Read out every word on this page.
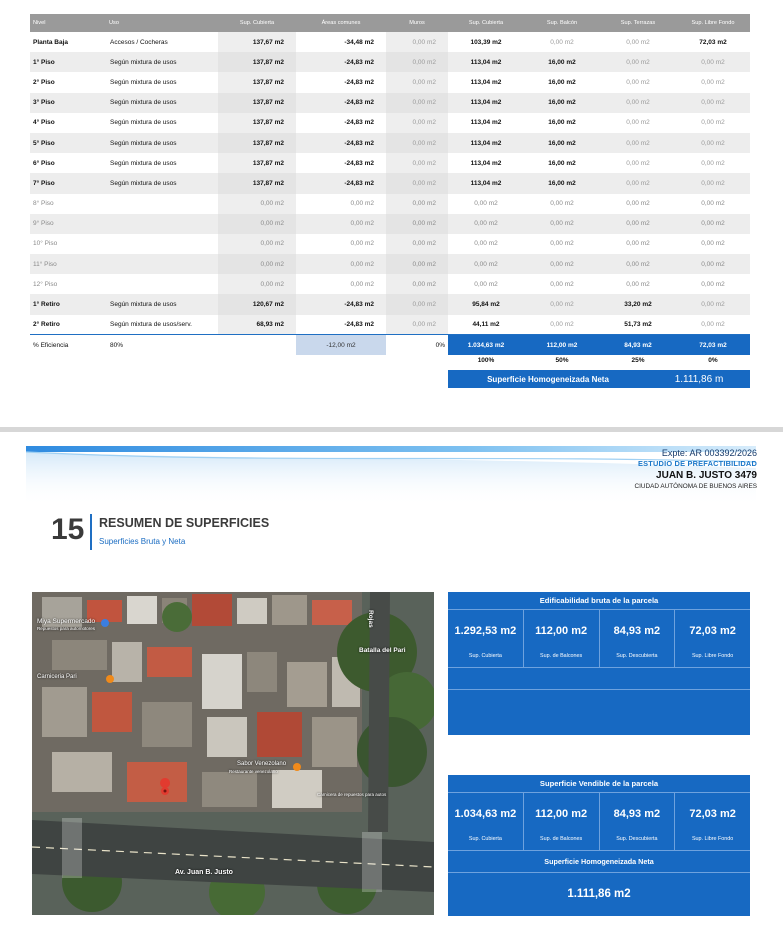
Nivel	Uso	Sup. Cubierta	Áreas comunes	Muros	Sup. Cubierta	Sup. Balcón	Sup. Terrazas	Sup. Libre Fondo
Planta Baja	Accesos / Cocheras	137,67 m2	-34,48 m2	0,00 m2	103,39 m2	0,00 m2	0,00 m2	72,03 m2
1° Piso	Según mixtura de usos	137,87 m2	-24,83 m2	0,00 m2	113,04 m2	16,00 m2	0,00 m2	0,00 m2
2° Piso	Según mixtura de usos	137,87 m2	-24,83 m2	0,00 m2	113,04 m2	16,00 m2	0,00 m2	0,00 m2
3° Piso	Según mixtura de usos	137,87 m2	-24,83 m2	0,00 m2	113,04 m2	16,00 m2	0,00 m2	0,00 m2
4° Piso	Según mixtura de usos	137,87 m2	-24,83 m2	0,00 m2	113,04 m2	16,00 m2	0,00 m2	0,00 m2
5° Piso	Según mixtura de usos	137,87 m2	-24,83 m2	0,00 m2	113,04 m2	16,00 m2	0,00 m2	0,00 m2
6° Piso	Según mixtura de usos	137,87 m2	-24,83 m2	0,00 m2	113,04 m2	16,00 m2	0,00 m2	0,00 m2
7° Piso	Según mixtura de usos	137,87 m2	-24,83 m2	0,00 m2	113,04 m2	16,00 m2	0,00 m2	0,00 m2
8° Piso		0,00 m2	0,00 m2	0,00 m2	0,00 m2	0,00 m2	0,00 m2	0,00 m2
9° Piso		0,00 m2	0,00 m2	0,00 m2	0,00 m2	0,00 m2	0,00 m2	0,00 m2
10° Piso		0,00 m2	0,00 m2	0,00 m2	0,00 m2	0,00 m2	0,00 m2	0,00 m2
11° Piso		0,00 m2	0,00 m2	0,00 m2	0,00 m2	0,00 m2	0,00 m2	0,00 m2
12° Piso		0,00 m2	0,00 m2	0,00 m2	0,00 m2	0,00 m2	0,00 m2	0,00 m2
1° Retiro	Según mixtura de usos	120,67 m2	-24,83 m2	0,00 m2	95,84 m2	0,00 m2	33,20 m2	0,00 m2
2° Retiro	Según mixtura de usos/serv.	68,93 m2	-24,83 m2	0,00 m2	44,11 m2	0,00 m2	51,73 m2	0,00 m2
% Eficiencia	80%		-12,00 m2	0%	1.034,63 m2	112,00 m2	84,93 m2	72,03 m2
					100%	50%	25%	0%
Superficie Homogeneizada Neta	1.111,86 m
Expte: AR 003392/2026
ESTUDIO DE PREFACTIBILIDAD
JUAN B. JUSTO 3479
CIUDAD AUTÓNOMA DE BUENOS AIRES
15 RESUMEN DE SUPERFICIES
Superficies Bruta y Neta
Miya Supermercado
Repuestos para automotores
Rojas
Batalla del Pari
Carniceria Pari
Sabor Venezolano
Restaurante venezolano
Carnicera de repuestos para autos
Av. Juan B. Justo
Edificabilidad bruta de la parcela
1.292,53 m2
Sup. Cubierta
112,00 m2
Sup. de Balcones
84,93 m2
Sup. Descubierta
72,03 m2
Sup. Libre Fondo
Superficie Vendible de la parcela
1.034,63 m2
Sup. Cubierta
112,00 m2
Sup. de Balcones
84,93 m2
Sup. Descubierta
72,03 m2
Sup. Libre Fondo
Superficie Homogeneizada Neta
1.111,86 m2
